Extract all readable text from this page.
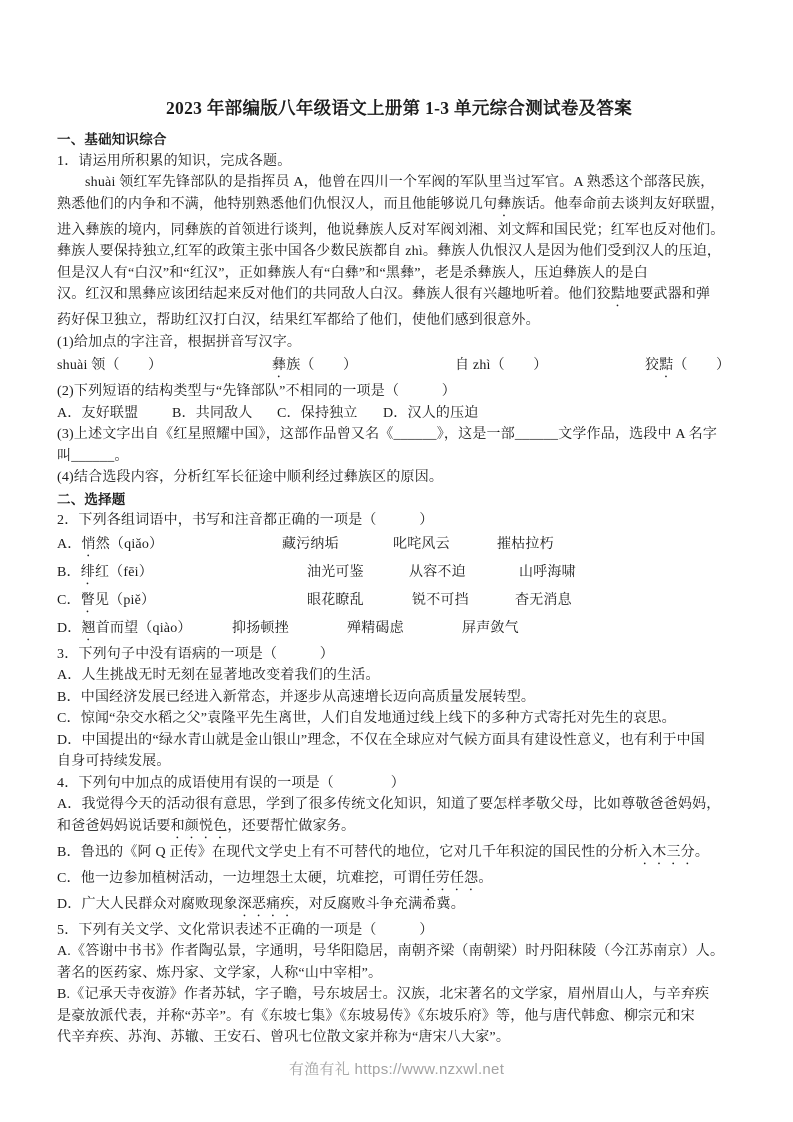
2023 年部编版八年级语文上册第 1-3 单元综合测试卷及答案
一、基础知识综合
1．请运用所积累的知识，完成各题。
shuài 领红军先锋部队的是指挥员 A，他曾在四川一个军阀的军队里当过军官。A 熟悉这个部落民族，
熟悉他们的内争和不满，他特别熟悉他们仇恨汉人，而且他能够说几句彝族话。他奉命前去谈判友好联盟，
进入彝族的境内，同彝族的首领进行谈判，他说彝族人反对军阀刘湘、刘文辉和国民党；红军也反对他们。
彝族人要保持独立,红军的政策主张中国各少数民族都自 zhì。彝族人仇恨汉人是因为他们受到汉人的压迫，
但是汉人有“白汉”和“红汉”，正如彝族人有“白彝”和“黑彝”，老是杀彝族人，压迫彝族人的是白
汉。红汉和黑彝应该团结起来反对他们的共同敌人白汉。彝族人很有兴趣地听着。他们狡黠地要武器和弹
药好保卫独立，帮助红汉打白汉，结果红军都给了他们，使他们感到很意外。
(1)给加点的字注音，根据拼音写汉字。
shuài 领（　　）	彝族（　　）	自 zhì（　　）	狡黠（　　）
(2)下列短语的结构类型与“先锋部队”不相同的一项是（　　　）
A．友好联盟 B．共同敌人 C．保持独立 D．汉人的压迫
(3)上述文字出自《红星照耀中国》，这部作品曾又名《______》，这是一部______文学作品，选段中 A 名字
叫______。
(4)结合选段内容，分析红军长征途中顺利经过彝族区的原因。
二、选择题
2．下列各组词语中，书写和注音都正确的一项是（　　　）
A．悄然（qiǎo）	藏污纳垢	叱咤风云	摧枯拉朽
B．绯红（fēi）	油光可鉴	从容不迫	山呼海啸
C．瞥见（piě）	眼花瞭乱	锐不可挡	杳无消息
D．翘首而望（qiào）	抑扬顿挫	殚精碣虑	屏声敛气
3．下列句子中没有语病的一项是（　　　）
A．人生挑战无时无刻在显著地改变着我们的生活。
B．中国经济发展已经进入新常态，并逐步从高速增长迈向高质量发展转型。
C．惊闻“杂交水稻之父”袁隆平先生离世，人们自发地通过线上线下的多种方式寄托对先生的哀思。
D．中国提出的“绿水青山就是金山银山”理念，不仅在全球应对气候方面具有建设性意义，也有利于中国
自身可持续发展。
4．下列句中加点的成语使用有误的一项是（　　　　）
A．我觉得今天的活动很有意思，学到了很多传统文化知识，知道了要怎样孝敬父母，比如尊敬爸爸妈妈，
和爸爸妈妈说话要和颜悦色，还要帮忙做家务。
B．鲁迅的《阿 Q 正传》在现代文学史上有不可替代的地位，它对几千年积淀的国民性的分析入木三分。
C．他一边参加植树活动，一边埋怨土太硬，坑难挖，可谓任劳任怨。
D．广大人民群众对腐败现象深恶痛疾，对反腐败斗争充满希冀。
5．下列有关文学、文化常识表述不正确的一项是（　　　）
A.《答谢中书书》作者陶弘景，字通明，号华阳隐居，南朝齐梁（南朝梁）时丹阳秣陵（今江苏南京）人。
著名的医药家、炼丹家、文学家，人称“山中宰相”。
B.《记承天寺夜游》作者苏轼，字子瞻，号东坡居士。汉族，北宋著名的文学家，眉州眉山人，与辛弃疾
是豪放派代表，并称“苏辛”。有《东坡七集》《东坡易传》《东坡乐府》等，他与唐代韩愈、柳宗元和宋
代辛弃疾、苏洵、苏辙、王安石、曾巩七位散文家并称为“唐宋八大家”。
有渔有礼 https://www.nzxwl.net
